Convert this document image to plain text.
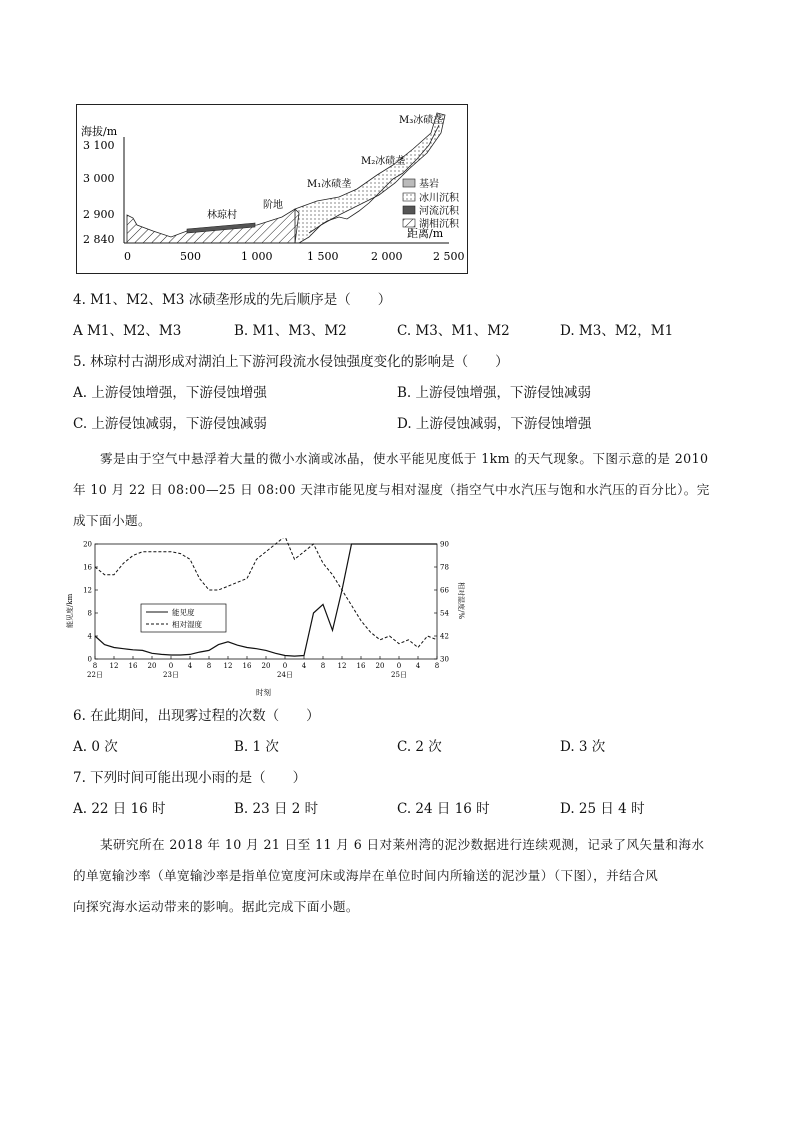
海拔/m
3 100
3 000
2 900
2 840
0	500	1 000	1 500	2 000	2 500
距离/m
林琼村
阶地
M₁冰碛垄
M₂冰碛垄
M₃冰碛垄
基岩
冰川沉积
河流沉积
湖相沉积
4. M1、M2、M3 冰碛垄形成的先后顺序是（　　）
A M1、M2、M3	B. M1、M3、M2	C. M3、M1、M2	D. M3、M2，M1
5. 林琼村古湖形成对湖泊上下游河段流水侵蚀强度变化的影响是（　　）
A. 上游侵蚀增强，下游侵蚀增强	B. 上游侵蚀增强，下游侵蚀减弱
C. 上游侵蚀减弱，下游侵蚀减弱	D. 上游侵蚀减弱，下游侵蚀增强
雾是由于空气中悬浮着大量的微小水滴或冰晶，使水平能见度低于 1km 的天气现象。下图示意的是 2010
年 10 月 22 日 08:00—25 日 08:00 天津市能见度与相对湿度（指空气中水汽压与饱和水汽压的百分比）。完
成下面小题。
20
16
12
8
4
0
90
78
66
54
42
30
8 12 16 20 0 4 8 12 16 20 0 4 8 12 16 20 0 4 8
22日	23日	24日	25日
能见度/km	相对湿度/%
时刻
能见度
相对湿度
6. 在此期间，出现雾过程的次数（　　）
A. 0 次	B. 1 次	C. 2 次	D. 3 次
7. 下列时间可能出现小雨的是（　　）
A. 22 日 16 时	B. 23 日 2 时	C. 24 日 16 时	D. 25 日 4 时
某研究所在 2018 年 10 月 21 日至 11 月 6 日对莱州湾的泥沙数据进行连续观测，记录了风矢量和海水
的单宽输沙率（单宽输沙率是指单位宽度河床或海岸在单位时间内所输送的泥沙量）（下图），并结合风
向探究海水运动带来的影响。据此完成下面小题。
